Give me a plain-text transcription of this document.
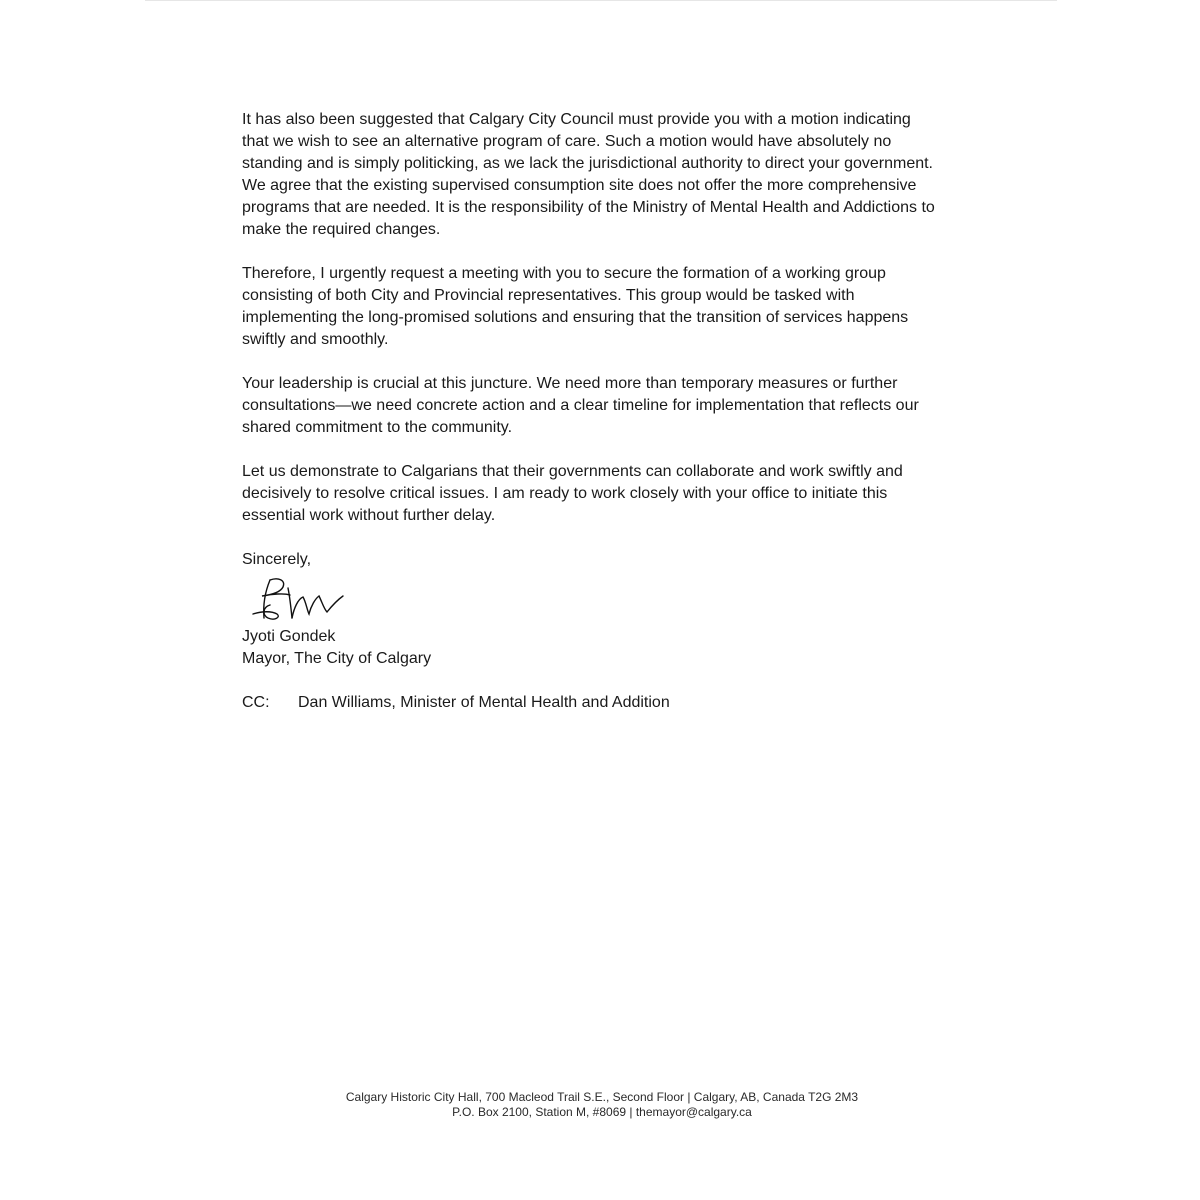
It has also been suggested that Calgary City Council must provide you with a motion indicating
that we wish to see an alternative program of care. Such a motion would have absolutely no
standing and is simply politicking, as we lack the jurisdictional authority to direct your government.
We agree that the existing supervised consumption site does not offer the more comprehensive
programs that are needed. It is the responsibility of the Ministry of Mental Health and Addictions to
make the required changes.

Therefore, I urgently request a meeting with you to secure the formation of a working group
consisting of both City and Provincial representatives. This group would be tasked with
implementing the long-promised solutions and ensuring that the transition of services happens
swiftly and smoothly.

Your leadership is crucial at this juncture. We need more than temporary measures or further
consultations—we need concrete action and a clear timeline for implementation that reflects our
shared commitment to the community.

Let us demonstrate to Calgarians that their governments can collaborate and work swiftly and
decisively to resolve critical issues. I am ready to work closely with your office to initiate this
essential work without further delay.

Sincerely,

Jyoti Gondek

Mayor, The City of Calgary

CC:	Dan Williams, Minister of Mental Health and Addition
Calgary Historic City Hall, 700 Macleod Trail S.E., Second Floor | Calgary, AB, Canada T2G 2M3
P.O. Box 2100, Station M, #8069 | themayor@calgary.ca
